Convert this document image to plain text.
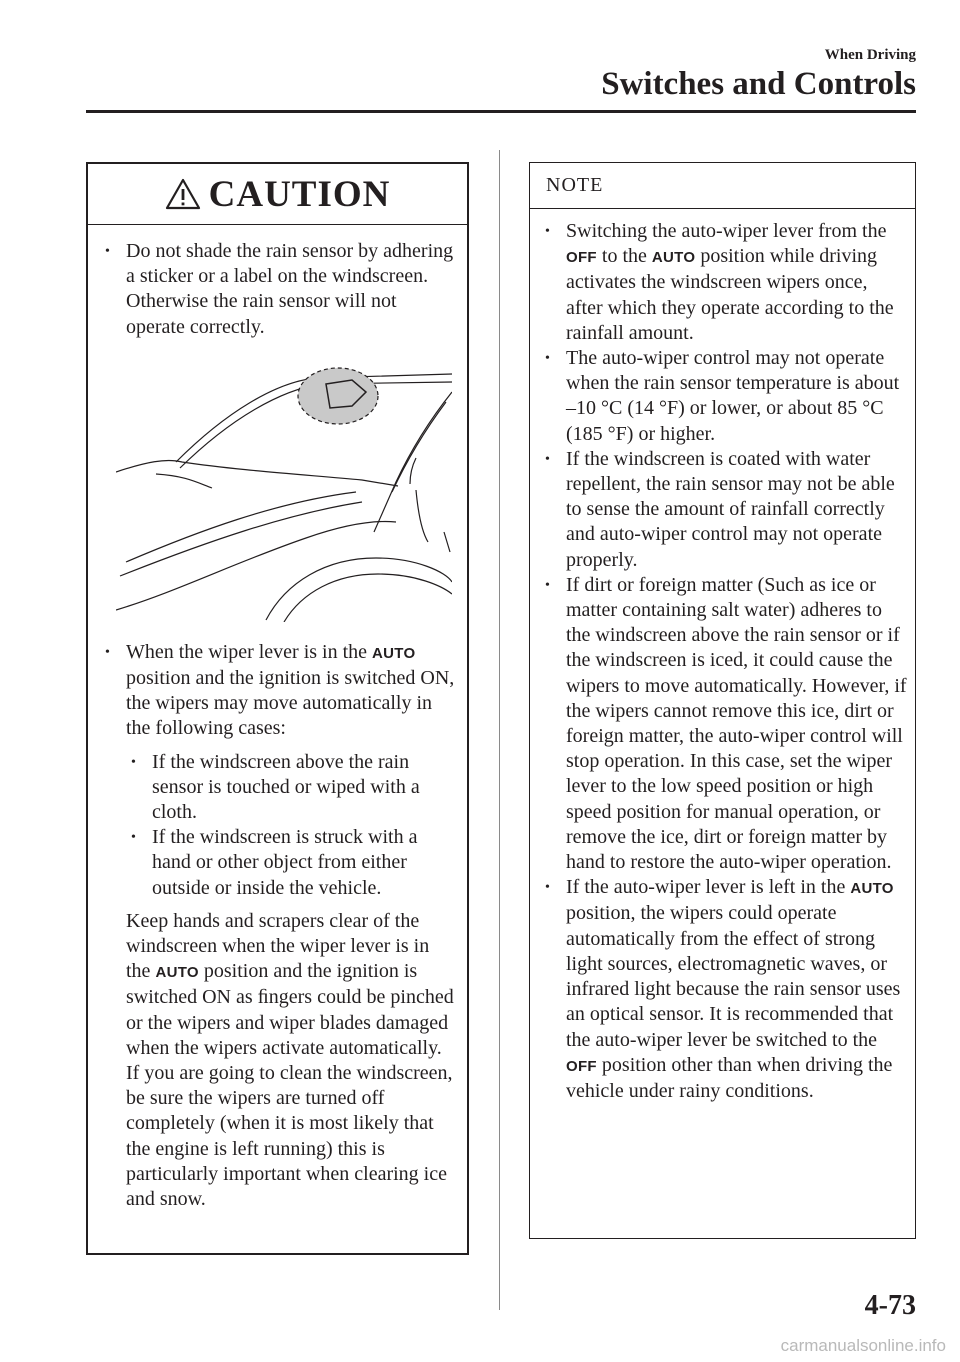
When Driving
Switches and Controls
CAUTION
• Do not shade the rain sensor by adhering a sticker or a label on the windscreen. Otherwise the rain sensor will not operate correctly.
• When the wiper lever is in the AUTO position and the ignition is switched ON, the wipers may move automatically in the following cases:
• If the windscreen above the rain sensor is touched or wiped with a cloth.
• If the windscreen is struck with a hand or other object from either outside or inside the vehicle.
Keep hands and scrapers clear of the windscreen when the wiper lever is in the AUTO position and the ignition is switched ON as ﬁngers could be pinched or the wipers and wiper blades damaged when the wipers activate automatically.
If you are going to clean the windscreen, be sure the wipers are turned off completely (when it is most likely that the engine is left running) this is particularly important when clearing ice and snow.
NOTE
• Switching the auto-wiper lever from the OFF to the AUTO position while driving activates the windscreen wipers once, after which they operate according to the rainfall amount.
• The auto-wiper control may not operate when the rain sensor temperature is about –10 °C (14 °F) or lower, or about 85 °C (185 °F) or higher.
• If the windscreen is coated with water repellent, the rain sensor may not be able to sense the amount of rainfall correctly and auto-wiper control may not operate properly.
• If dirt or foreign matter (Such as ice or matter containing salt water) adheres to the windscreen above the rain sensor or if the windscreen is iced, it could cause the wipers to move automatically. However, if the wipers cannot remove this ice, dirt or foreign matter, the auto-wiper control will stop operation. In this case, set the wiper lever to the low speed position or high speed position for manual operation, or remove the ice, dirt or foreign matter by hand to restore the auto-wiper operation.
• If the auto-wiper lever is left in the AUTO position, the wipers could operate automatically from the effect of strong light sources, electromagnetic waves, or infrared light because the rain sensor uses an optical sensor. It is recommended that the auto-wiper lever be switched to the OFF position other than when driving the vehicle under rainy conditions.
4-73
carmanualsonline.info
